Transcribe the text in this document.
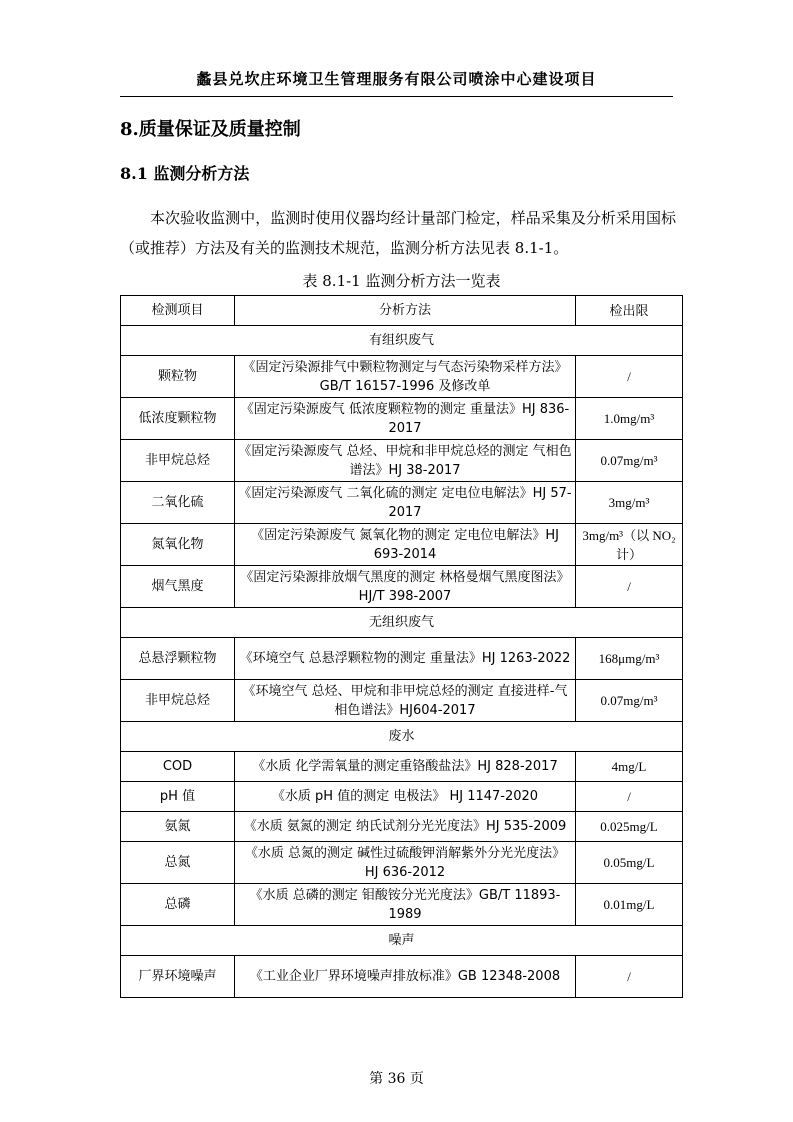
蠡县兑坎庄环境卫生管理服务有限公司喷涂中心建设项目
8.质量保证及质量控制
8.1 监测分析方法
本次验收监测中，监测时使用仪器均经计量部门检定，样品采集及分析采用国标（或推荐）方法及有关的监测技术规范，监测分析方法见表 8.1-1。
表 8.1-1 监测分析方法一览表
检测项目	分析方法	检出限
有组织废气		
颗粒物	《固定污染源排气中颗粒物测定与气态污染物采样方法》GB/T 16157-1996 及修改单	/
低浓度颗粒物	《固定污染源废气 低浓度颗粒物的测定 重量法》HJ 836-2017	1.0mg/m³
非甲烷总烃	《固定污染源废气 总烃、甲烷和非甲烷总烃的测定 气相色谱法》HJ 38-2017	0.07mg/m³
二氧化硫	《固定污染源废气 二氧化硫的测定 定电位电解法》HJ 57-2017	3mg/m³
氮氧化物	《固定污染源废气 氮氧化物的测定 定电位电解法》HJ 693-2014	3mg/m³（以 NO₂计）
烟气黑度	《固定污染源排放烟气黑度的测定 林格曼烟气黑度图法》HJ/T 398-2007	/
无组织废气		
总悬浮颗粒物	《环境空气 总悬浮颗粒物的测定 重量法》HJ 1263-2022	168μmg/m³
非甲烷总烃	《环境空气 总烃、甲烷和非甲烷总烃的测定 直接进样-气相色谱法》HJ604-2017	0.07mg/m³
废水		
COD	《水质 化学需氧量的测定重铬酸盐法》HJ 828-2017	4mg/L
pH 值	《水质 pH 值的测定 电极法》 HJ 1147-2020	/
氨氮	《水质 氨氮的测定 纳氏试剂分光光度法》HJ 535-2009	0.025mg/L
总氮	《水质 总氮的测定 碱性过硫酸钾消解紫外分光光度法》 HJ 636-2012	0.05mg/L
总磷	《水质 总磷的测定 钼酸铵分光光度法》GB/T 11893-1989	0.01mg/L
噪声		
厂界环境噪声	《工业企业厂界环境噪声排放标准》GB 12348-2008	/
第 36 页
